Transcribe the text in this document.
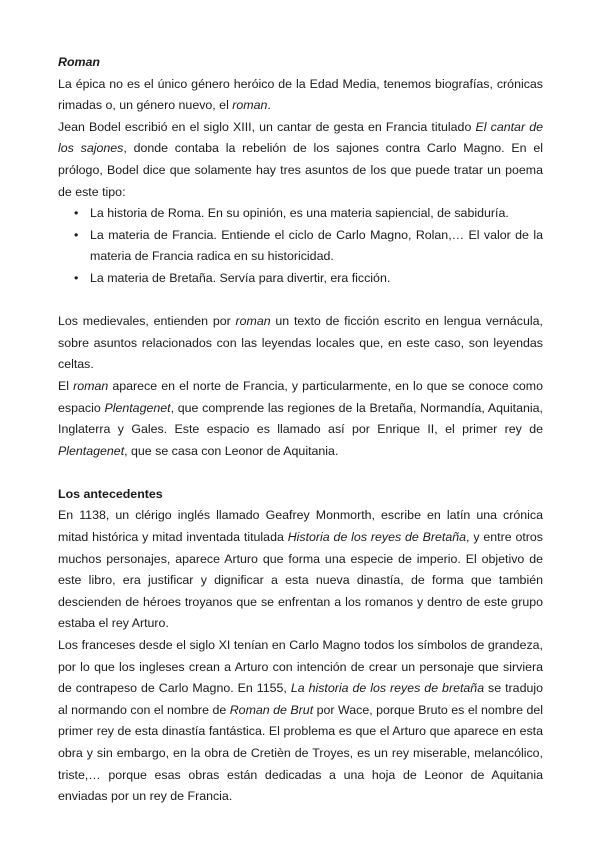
Roman

La épica no es el único género heróico de la Edad Media, tenemos biografías, crónicas rimadas o, un género nuevo, el roman.

Jean Bodel escribió en el siglo XIII, un cantar de gesta en Francia titulado El cantar de los sajones, donde contaba la rebelión de los sajones contra Carlo Magno. En el prólogo, Bodel dice que solamente hay tres asuntos de los que puede tratar un poema de este tipo:

• La historia de Roma. En su opinión, es una materia sapiencial, de sabiduría.
• La materia de Francia. Entiende el ciclo de Carlo Magno, Rolan,… El valor de la materia de Francia radica en su historicidad.
• La materia de Bretaña. Servía para divertir, era ficción.

Los medievales, entienden por roman un texto de ficción escrito en lengua vernácula, sobre asuntos relacionados con las leyendas locales que, en este caso, son leyendas celtas.

El roman aparece en el norte de Francia, y particularmente, en lo que se conoce como espacio Plentagenet, que comprende las regiones de la Bretaña, Normandía, Aquitania, Inglaterra y Gales. Este espacio es llamado así por Enrique II, el primer rey de Plentagenet, que se casa con Leonor de Aquitania.

Los antecedentes

En 1138, un clérigo inglés llamado Geafrey Monmorth, escribe en latín una crónica mitad histórica y mitad inventada titulada Historia de los reyes de Bretaña, y entre otros muchos personajes, aparece Arturo que forma una especie de imperio. El objetivo de este libro, era justificar y dignificar a esta nueva dinastía, de forma que también descienden de héroes troyanos que se enfrentan a los romanos y dentro de este grupo estaba el rey Arturo.

Los franceses desde el siglo XI tenían en Carlo Magno todos los símbolos de grandeza, por lo que los ingleses crean a Arturo con intención de crear un personaje que sirviera de contrapeso de Carlo Magno. En 1155, La historia de los reyes de bretaña se tradujo al normando con el nombre de Roman de Brut por Wace, porque Bruto es el nombre del primer rey de esta dinastía fantástica. El problema es que el Arturo que aparece en esta obra y sin embargo, en la obra de Cretièn de Troyes, es un rey miserable, melancólico, triste,… porque esas obras están dedicadas a una hoja de Leonor de Aquitania enviadas por un rey de Francia.
